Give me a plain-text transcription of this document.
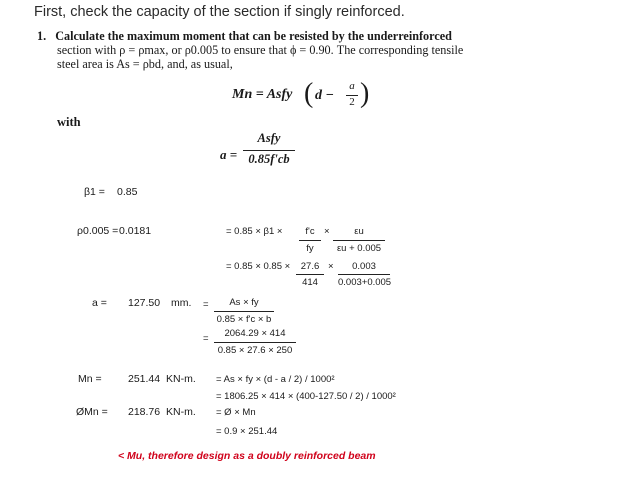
First, check the capacity of the section if singly reinforced.
1. Calculate the maximum moment that can be resisted by the underreinforced
section with ρ = ρmax, or ρ0.005 to ensure that ϕ = 0.90. The corresponding tensile
steel area is As = ρbd, and, as usual,
Mn = Asfy ( d −
a
2 )
with
a =
Asfy
0.85f'cb
β1 = 0.85
ρ0.005 = 0.0181	= 0.85 × β1 ×	f'c
fy
×	εu
εu + 0.005
= 0.85 × 0.85 ×	27.6
414
×	0.003
0.003+0.005
a = 127.50 mm. =	As × fy
0.85 × f'c × b
=	2064.29 × 414
0.85 × 27.6 × 250
Mn =	251.44 KN-m. = As × fy × (d - a / 2) / 1000²
= 1806.25 × 414 × (400-127.50 / 2) / 1000²
ØMn = 218.76 KN-m. = Ø × Mn
= 0.9 × 251.44
< Mu, therefore design as a doubly reinforced beam
